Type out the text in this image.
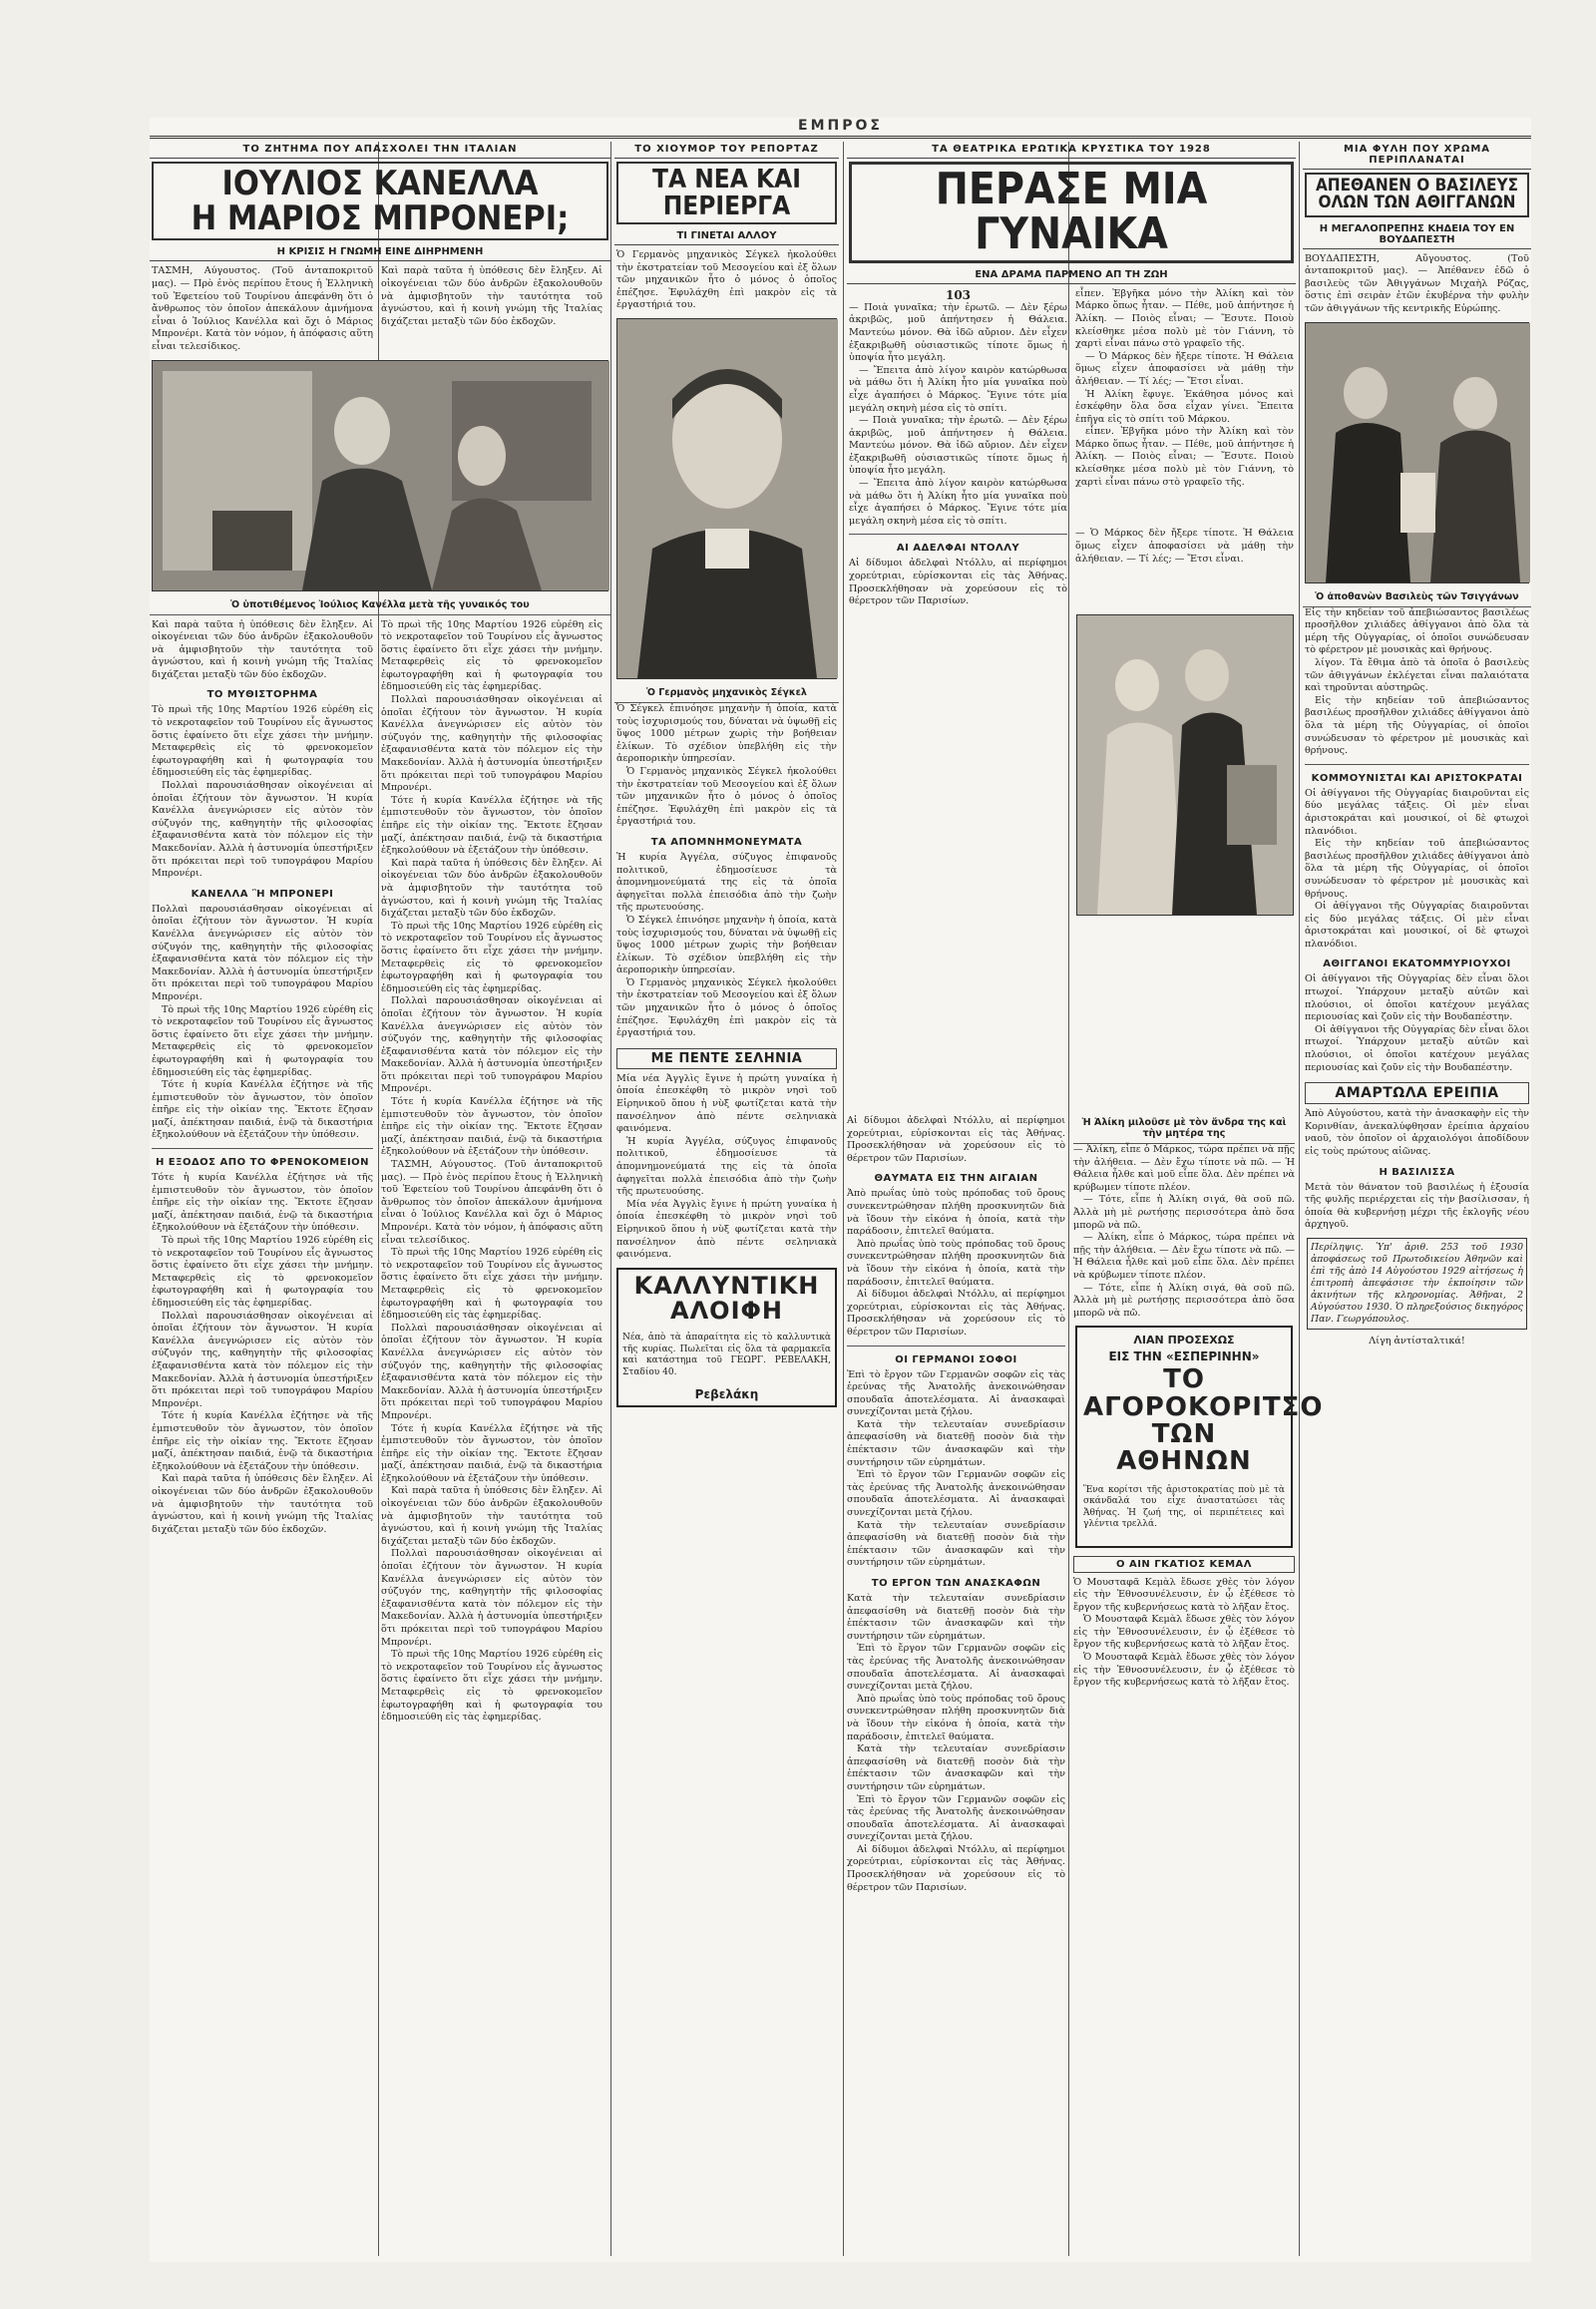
ΕΜΠΡΟΣ
ΤΟ ΖΗΤΗΜΑ ΠΟΥ ΑΠΑΣΧΟΛΕΙ ΤΗΝ ΙΤΑΛΙΑΝ
ΙΟΥΛΙΟΣ ΚΑΝΕΛΛΑ
Η ΜΑΡΙΟΣ ΜΠΡΟΝΕΡΙ;
Η ΚΡΙΣΙΣ Η ΓΝΩΜΗ ΕΙΝΕ ΔΙΗΡΗΜΕΝΗ

ΤΑΣΜΗ, Αύγουστος. (Τοῦ ἀνταποκριτοῦ μας). — Πρὸ ἑνὸς περίπου ἔτους ἡ Ἑλληνικὴ τοῦ Ἐφετείου τοῦ Τουρίνου ἀπεφάνθη ὅτι ὁ ἄνθρωπος τὸν ὁποῖον ἀπεκάλουν ἀμνήμονα εἶναι ὁ Ἰούλιος Κανέλλα καὶ ὄχι ὁ Μάριος Μπρονέρι. Κατὰ τὸν νόμον, ἡ ἀπόφασις αὕτη εἶναι τελεσίδικος.

Καὶ παρὰ ταῦτα ἡ ὑπόθεσις δὲν ἔληξεν. Αἱ οἰκογένειαι τῶν δύο ἀνδρῶν ἐξακολουθοῦν νὰ ἀμφισβητοῦν τὴν ταυτότητα τοῦ ἀγνώστου, καὶ ἡ κοινὴ γνώμη τῆς Ἰταλίας διχάζεται μεταξὺ τῶν δύο ἐκδοχῶν.

Ὁ ὑποτιθέμενος Ἰούλιος Κανέλλα μετὰ τῆς γυναικός του

Καὶ παρὰ ταῦτα ἡ ὑπόθεσις δὲν ἔληξεν. Αἱ οἰκογένειαι τῶν δύο ἀνδρῶν ἐξακολουθοῦν νὰ ἀμφισβητοῦν τὴν ταυτότητα τοῦ ἀγνώστου, καὶ ἡ κοινὴ γνώμη τῆς Ἰταλίας διχάζεται μεταξὺ τῶν δύο ἐκδοχῶν.

ΤΟ ΜΥΘΙΣΤΟΡΗΜΑ

Τὸ πρωὶ τῆς 10ης Μαρτίου 1926 εὑρέθη εἰς τὸ νεκροταφεῖον τοῦ Τουρίνου εἷς ἄγνωστος ὅστις ἐφαίνετο ὅτι εἶχε χάσει τὴν μνήμην. Μεταφερθεὶς εἰς τὸ φρενοκομεῖον ἐφωτογραφήθη καὶ ἡ φωτογραφία του ἐδημοσιεύθη εἰς τὰς ἐφημερίδας.

Πολλαὶ παρουσιάσθησαν οἰκογένειαι αἱ ὁποῖαι ἐζήτουν τὸν ἄγνωστον. Ἡ κυρία Κανέλλα ἀνεγνώρισεν εἰς αὐτὸν τὸν σύζυγόν της, καθηγητὴν τῆς φιλοσοφίας ἐξαφανισθέντα κατὰ τὸν πόλεμον εἰς τὴν Μακεδονίαν. Ἀλλὰ ἡ ἀστυνομία ὑπεστήριξεν ὅτι πρόκειται περὶ τοῦ τυπογράφου Μαρίου Μπρονέρι.

ΚΑΝΕΛΛΑ Ἢ ΜΠΡΟΝΕΡΙ

Πολλαὶ παρουσιάσθησαν οἰκογένειαι αἱ ὁποῖαι ἐζήτουν τὸν ἄγνωστον. Ἡ κυρία Κανέλλα ἀνεγνώρισεν εἰς αὐτὸν τὸν σύζυγόν της, καθηγητὴν τῆς φιλοσοφίας ἐξαφανισθέντα κατὰ τὸν πόλεμον εἰς τὴν Μακεδονίαν. Ἀλλὰ ἡ ἀστυνομία ὑπεστήριξεν ὅτι πρόκειται περὶ τοῦ τυπογράφου Μαρίου Μπρονέρι.

Τὸ πρωὶ τῆς 10ης Μαρτίου 1926 εὑρέθη εἰς τὸ νεκροταφεῖον τοῦ Τουρίνου εἷς ἄγνωστος ὅστις ἐφαίνετο ὅτι εἶχε χάσει τὴν μνήμην. Μεταφερθεὶς εἰς τὸ φρενοκομεῖον ἐφωτογραφήθη καὶ ἡ φωτογραφία του ἐδημοσιεύθη εἰς τὰς ἐφημερίδας.

Τότε ἡ κυρία Κανέλλα ἐζήτησε νὰ τῆς ἐμπιστευθοῦν τὸν ἄγνωστον, τὸν ὁποῖον ἐπῆρε εἰς τὴν οἰκίαν της. Ἔκτοτε ἔζησαν μαζί, ἀπέκτησαν παιδιά, ἐνῷ τὰ δικαστήρια ἐξηκολούθουν νὰ ἐξετάζουν τὴν ὑπόθεσιν.

Η ΕΞΟΔΟΣ ΑΠΟ ΤΟ ΦΡΕΝΟΚΟΜΕΙΟΝ

Τότε ἡ κυρία Κανέλλα ἐζήτησε νὰ τῆς ἐμπιστευθοῦν τὸν ἄγνωστον, τὸν ὁποῖον ἐπῆρε εἰς τὴν οἰκίαν της. Ἔκτοτε ἔζησαν μαζί, ἀπέκτησαν παιδιά, ἐνῷ τὰ δικαστήρια ἐξηκολούθουν νὰ ἐξετάζουν τὴν ὑπόθεσιν.

Τὸ πρωὶ τῆς 10ης Μαρτίου 1926 εὑρέθη εἰς τὸ νεκροταφεῖον τοῦ Τουρίνου εἷς ἄγνωστος ὅστις ἐφαίνετο ὅτι εἶχε χάσει τὴν μνήμην. Μεταφερθεὶς εἰς τὸ φρενοκομεῖον ἐφωτογραφήθη καὶ ἡ φωτογραφία του ἐδημοσιεύθη εἰς τὰς ἐφημερίδας.

Πολλαὶ παρουσιάσθησαν οἰκογένειαι αἱ ὁποῖαι ἐζήτουν τὸν ἄγνωστον. Ἡ κυρία Κανέλλα ἀνεγνώρισεν εἰς αὐτὸν τὸν σύζυγόν της, καθηγητὴν τῆς φιλοσοφίας ἐξαφανισθέντα κατὰ τὸν πόλεμον εἰς τὴν Μακεδονίαν. Ἀλλὰ ἡ ἀστυνομία ὑπεστήριξεν ὅτι πρόκειται περὶ τοῦ τυπογράφου Μαρίου Μπρονέρι.

Τότε ἡ κυρία Κανέλλα ἐζήτησε νὰ τῆς ἐμπιστευθοῦν τὸν ἄγνωστον, τὸν ὁποῖον ἐπῆρε εἰς τὴν οἰκίαν της. Ἔκτοτε ἔζησαν μαζί, ἀπέκτησαν παιδιά, ἐνῷ τὰ δικαστήρια ἐξηκολούθουν νὰ ἐξετάζουν τὴν ὑπόθεσιν.

Καὶ παρὰ ταῦτα ἡ ὑπόθεσις δὲν ἔληξεν. Αἱ οἰκογένειαι τῶν δύο ἀνδρῶν ἐξακολουθοῦν νὰ ἀμφισβητοῦν τὴν ταυτότητα τοῦ ἀγνώστου, καὶ ἡ κοινὴ γνώμη τῆς Ἰταλίας διχάζεται μεταξὺ τῶν δύο ἐκδοχῶν.

Τὸ πρωὶ τῆς 10ης Μαρτίου 1926 εὑρέθη εἰς τὸ νεκροταφεῖον τοῦ Τουρίνου εἷς ἄγνωστος ὅστις ἐφαίνετο ὅτι εἶχε χάσει τὴν μνήμην. Μεταφερθεὶς εἰς τὸ φρενοκομεῖον ἐφωτογραφήθη καὶ ἡ φωτογραφία του ἐδημοσιεύθη εἰς τὰς ἐφημερίδας.

Πολλαὶ παρουσιάσθησαν οἰκογένειαι αἱ ὁποῖαι ἐζήτουν τὸν ἄγνωστον. Ἡ κυρία Κανέλλα ἀνεγνώρισεν εἰς αὐτὸν τὸν σύζυγόν της, καθηγητὴν τῆς φιλοσοφίας ἐξαφανισθέντα κατὰ τὸν πόλεμον εἰς τὴν Μακεδονίαν. Ἀλλὰ ἡ ἀστυνομία ὑπεστήριξεν ὅτι πρόκειται περὶ τοῦ τυπογράφου Μαρίου Μπρονέρι.

Τότε ἡ κυρία Κανέλλα ἐζήτησε νὰ τῆς ἐμπιστευθοῦν τὸν ἄγνωστον, τὸν ὁποῖον ἐπῆρε εἰς τὴν οἰκίαν της. Ἔκτοτε ἔζησαν μαζί, ἀπέκτησαν παιδιά, ἐνῷ τὰ δικαστήρια ἐξηκολούθουν νὰ ἐξετάζουν τὴν ὑπόθεσιν.

Καὶ παρὰ ταῦτα ἡ ὑπόθεσις δὲν ἔληξεν. Αἱ οἰκογένειαι τῶν δύο ἀνδρῶν ἐξακολουθοῦν νὰ ἀμφισβητοῦν τὴν ταυτότητα τοῦ ἀγνώστου, καὶ ἡ κοινὴ γνώμη τῆς Ἰταλίας διχάζεται μεταξὺ τῶν δύο ἐκδοχῶν.

Τὸ πρωὶ τῆς 10ης Μαρτίου 1926 εὑρέθη εἰς τὸ νεκροταφεῖον τοῦ Τουρίνου εἷς ἄγνωστος ὅστις ἐφαίνετο ὅτι εἶχε χάσει τὴν μνήμην. Μεταφερθεὶς εἰς τὸ φρενοκομεῖον ἐφωτογραφήθη καὶ ἡ φωτογραφία του ἐδημοσιεύθη εἰς τὰς ἐφημερίδας.

Πολλαὶ παρουσιάσθησαν οἰκογένειαι αἱ ὁποῖαι ἐζήτουν τὸν ἄγνωστον. Ἡ κυρία Κανέλλα ἀνεγνώρισεν εἰς αὐτὸν τὸν σύζυγόν της, καθηγητὴν τῆς φιλοσοφίας ἐξαφανισθέντα κατὰ τὸν πόλεμον εἰς τὴν Μακεδονίαν. Ἀλλὰ ἡ ἀστυνομία ὑπεστήριξεν ὅτι πρόκειται περὶ τοῦ τυπογράφου Μαρίου Μπρονέρι.

Τότε ἡ κυρία Κανέλλα ἐζήτησε νὰ τῆς ἐμπιστευθοῦν τὸν ἄγνωστον, τὸν ὁποῖον ἐπῆρε εἰς τὴν οἰκίαν της. Ἔκτοτε ἔζησαν μαζί, ἀπέκτησαν παιδιά, ἐνῷ τὰ δικαστήρια ἐξηκολούθουν νὰ ἐξετάζουν τὴν ὑπόθεσιν.

ΤΑΣΜΗ, Αύγουστος. (Τοῦ ἀνταποκριτοῦ μας). — Πρὸ ἑνὸς περίπου ἔτους ἡ Ἑλληνικὴ τοῦ Ἐφετείου τοῦ Τουρίνου ἀπεφάνθη ὅτι ὁ ἄνθρωπος τὸν ὁποῖον ἀπεκάλουν ἀμνήμονα εἶναι ὁ Ἰούλιος Κανέλλα καὶ ὄχι ὁ Μάριος Μπρονέρι. Κατὰ τὸν νόμον, ἡ ἀπόφασις αὕτη εἶναι τελεσίδικος.

Τὸ πρωὶ τῆς 10ης Μαρτίου 1926 εὑρέθη εἰς τὸ νεκροταφεῖον τοῦ Τουρίνου εἷς ἄγνωστος ὅστις ἐφαίνετο ὅτι εἶχε χάσει τὴν μνήμην. Μεταφερθεὶς εἰς τὸ φρενοκομεῖον ἐφωτογραφήθη καὶ ἡ φωτογραφία του ἐδημοσιεύθη εἰς τὰς ἐφημερίδας.

Πολλαὶ παρουσιάσθησαν οἰκογένειαι αἱ ὁποῖαι ἐζήτουν τὸν ἄγνωστον. Ἡ κυρία Κανέλλα ἀνεγνώρισεν εἰς αὐτὸν τὸν σύζυγόν της, καθηγητὴν τῆς φιλοσοφίας ἐξαφανισθέντα κατὰ τὸν πόλεμον εἰς τὴν Μακεδονίαν. Ἀλλὰ ἡ ἀστυνομία ὑπεστήριξεν ὅτι πρόκειται περὶ τοῦ τυπογράφου Μαρίου Μπρονέρι.

Τότε ἡ κυρία Κανέλλα ἐζήτησε νὰ τῆς ἐμπιστευθοῦν τὸν ἄγνωστον, τὸν ὁποῖον ἐπῆρε εἰς τὴν οἰκίαν της. Ἔκτοτε ἔζησαν μαζί, ἀπέκτησαν παιδιά, ἐνῷ τὰ δικαστήρια ἐξηκολούθουν νὰ ἐξετάζουν τὴν ὑπόθεσιν.

Καὶ παρὰ ταῦτα ἡ ὑπόθεσις δὲν ἔληξεν. Αἱ οἰκογένειαι τῶν δύο ἀνδρῶν ἐξακολουθοῦν νὰ ἀμφισβητοῦν τὴν ταυτότητα τοῦ ἀγνώστου, καὶ ἡ κοινὴ γνώμη τῆς Ἰταλίας διχάζεται μεταξὺ τῶν δύο ἐκδοχῶν.

Πολλαὶ παρουσιάσθησαν οἰκογένειαι αἱ ὁποῖαι ἐζήτουν τὸν ἄγνωστον. Ἡ κυρία Κανέλλα ἀνεγνώρισεν εἰς αὐτὸν τὸν σύζυγόν της, καθηγητὴν τῆς φιλοσοφίας ἐξαφανισθέντα κατὰ τὸν πόλεμον εἰς τὴν Μακεδονίαν. Ἀλλὰ ἡ ἀστυνομία ὑπεστήριξεν ὅτι πρόκειται περὶ τοῦ τυπογράφου Μαρίου Μπρονέρι.

Τὸ πρωὶ τῆς 10ης Μαρτίου 1926 εὑρέθη εἰς τὸ νεκροταφεῖον τοῦ Τουρίνου εἷς ἄγνωστος ὅστις ἐφαίνετο ὅτι εἶχε χάσει τὴν μνήμην. Μεταφερθεὶς εἰς τὸ φρενοκομεῖον ἐφωτογραφήθη καὶ ἡ φωτογραφία του ἐδημοσιεύθη εἰς τὰς ἐφημερίδας.

ΤΟ ΧΙΟΥΜΟΡ ΤΟΥ ΡΕΠΟΡΤΑΖ
ΤΑ ΝΕΑ ΚΑΙ ΠΕΡΙΕΡΓΑ
ΤΙ ΓΙΝΕΤΑΙ ΑΛΛΟΥ

Ὁ Γερμανὸς μηχανικὸς Σέγκελ ἠκολούθει τὴν ἐκστρατείαν τοῦ Μεσογείου καὶ ἐξ ὅλων τῶν μηχανικῶν ἦτο ὁ μόνος ὁ ὁποῖος ἐπέζησε. Ἐφυλάχθη ἐπὶ μακρὸν εἰς τὰ ἐργαστήριά του.

Ὁ Γερμανὸς μηχανικὸς Σέγκελ

Ὁ Σέγκελ ἐπινόησε μηχανὴν ἡ ὁποία, κατὰ τοὺς ἰσχυρισμούς του, δύναται νὰ ὑψωθῇ εἰς ὕψος 1000 μέτρων χωρὶς τὴν βοήθειαν ἑλίκων. Τὸ σχέδιον ὑπεβλήθη εἰς τὴν ἀεροπορικὴν ὑπηρεσίαν.

Ὁ Γερμανὸς μηχανικὸς Σέγκελ ἠκολούθει τὴν ἐκστρατείαν τοῦ Μεσογείου καὶ ἐξ ὅλων τῶν μηχανικῶν ἦτο ὁ μόνος ὁ ὁποῖος ἐπέζησε. Ἐφυλάχθη ἐπὶ μακρὸν εἰς τὰ ἐργαστήριά του.

ΤΑ ΑΠΟΜΝΗΜΟΝΕΥΜΑΤΑ

Ἡ κυρία Ἀγγέλα, σύζυγος ἐπιφανοῦς πολιτικοῦ, ἐδημοσίευσε τὰ ἀπομνημονεύματά της εἰς τὰ ὁποῖα ἀφηγεῖται πολλὰ ἐπεισόδια ἀπὸ τὴν ζωὴν τῆς πρωτευούσης.

Ὁ Σέγκελ ἐπινόησε μηχανὴν ἡ ὁποία, κατὰ τοὺς ἰσχυρισμούς του, δύναται νὰ ὑψωθῇ εἰς ὕψος 1000 μέτρων χωρὶς τὴν βοήθειαν ἑλίκων. Τὸ σχέδιον ὑπεβλήθη εἰς τὴν ἀεροπορικὴν ὑπηρεσίαν.

Ὁ Γερμανὸς μηχανικὸς Σέγκελ ἠκολούθει τὴν ἐκστρατείαν τοῦ Μεσογείου καὶ ἐξ ὅλων τῶν μηχανικῶν ἦτο ὁ μόνος ὁ ὁποῖος ἐπέζησε. Ἐφυλάχθη ἐπὶ μακρὸν εἰς τὰ ἐργαστήριά του.

ΜΕ ΠΕΝΤΕ ΣΕΛΗΝΙΑ

Μία νέα Ἀγγλὶς ἔγινε ἡ πρώτη γυναίκα ἡ ὁποία ἐπεσκέφθη τὸ μικρὸν νησὶ τοῦ Εἰρηνικοῦ ὅπου ἡ νὺξ φωτίζεται κατὰ τὴν πανσέληνον ἀπὸ πέντε σεληνιακὰ φαινόμενα.

Ἡ κυρία Ἀγγέλα, σύζυγος ἐπιφανοῦς πολιτικοῦ, ἐδημοσίευσε τὰ ἀπομνημονεύματά της εἰς τὰ ὁποῖα ἀφηγεῖται πολλὰ ἐπεισόδια ἀπὸ τὴν ζωὴν τῆς πρωτευούσης.

Μία νέα Ἀγγλὶς ἔγινε ἡ πρώτη γυναίκα ἡ ὁποία ἐπεσκέφθη τὸ μικρὸν νησὶ τοῦ Εἰρηνικοῦ ὅπου ἡ νὺξ φωτίζεται κατὰ τὴν πανσέληνον ἀπὸ πέντε σεληνιακὰ φαινόμενα.

ΚΑΛΛΥΝΤΙΚΗ ΑΛΟΙΦΗ

Νέα, ἀπὸ τὰ ἀπαραίτητα εἰς τὸ καλλυντικὰ τῆς κυρίας. Πωλεῖται εἰς ὅλα τὰ φαρμακεῖα καὶ κατάστημα τοῦ ΓΕΩΡΓ. ΡΕΒΕΛΑΚΗ, Σταδίου 40.

Ρεβελάκη
ΤΑ ΘΕΑΤΡΙΚΑ ΕΡΩΤΙΚΑ ΚΡΥΣΤΙΚΑ ΤΟΥ 1928
ΠΕΡΑΣΕ ΜΙΑ ΓΥΝΑΙΚΑ
ΕΝΑ ΔΡΑΜΑ ΠΑΡΜΕΝΟ ΑΠ ΤΗ ΖΩΗ
103

— Ποιὰ γυναῖκα; τὴν ἐρωτῶ. — Δὲν ξέρω ἀκριβῶς, μοῦ ἀπήντησεν ἡ Θάλεια. Μαντεύω μόνον. Θὰ ἰδῶ αὔριον. Δὲν εἶχεν ἐξακριβωθῆ οὐσιαστικῶς τίποτε ὅμως ἡ ὑποψία ἦτο μεγάλη.

— Ἔπειτα ἀπὸ λίγον καιρὸν κατώρθωσα νὰ μάθω ὅτι ἡ Ἀλίκη ἦτο μία γυναῖκα ποὺ εἶχε ἀγαπήσει ὁ Μάρκος. Ἔγινε τότε μία μεγάλη σκηνὴ μέσα εἰς τὸ σπίτι.

— Ποιὰ γυναῖκα; τὴν ἐρωτῶ. — Δὲν ξέρω ἀκριβῶς, μοῦ ἀπήντησεν ἡ Θάλεια. Μαντεύω μόνον. Θὰ ἰδῶ αὔριον. Δὲν εἶχεν ἐξακριβωθῆ οὐσιαστικῶς τίποτε ὅμως ἡ ὑποψία ἦτο μεγάλη.

— Ἔπειτα ἀπὸ λίγον καιρὸν κατώρθωσα νὰ μάθω ὅτι ἡ Ἀλίκη ἦτο μία γυναῖκα ποὺ εἶχε ἀγαπήσει ὁ Μάρκος. Ἔγινε τότε μία μεγάλη σκηνὴ μέσα εἰς τὸ σπίτι.

εἶπεν. Ἐβγῆκα μόνο τὴν Ἀλίκη καὶ τὸν Μάρκο ὅπως ἦταν. — Πέθε, μοῦ ἀπήντησε ἡ Ἀλίκη. — Ποιὸς εἶναι; — Ἔσυτε. Ποιοὺ κλείσθηκε μέσα πολὺ μὲ τὸν Γιάννη, τὸ χαρτὶ εἶναι πάνω στὸ γραφεῖο τῆς.

— Ὁ Μάρκος δὲν ἤξερε τίποτε. Ἡ Θάλεια ὅμως εἶχεν ἀποφασίσει νὰ μάθῃ τὴν ἀλήθειαν. — Τί λές; — Ἔτσι εἶναι.

Ἡ Ἀλίκη ἔφυγε. Ἐκάθησα μόνος καὶ ἐσκέφθην ὅλα ὅσα εἶχαν γίνει. Ἔπειτα ἐπῆγα εἰς τὸ σπίτι τοῦ Μάρκου.

εἶπεν. Ἐβγῆκα μόνο τὴν Ἀλίκη καὶ τὸν Μάρκο ὅπως ἦταν. — Πέθε, μοῦ ἀπήντησε ἡ Ἀλίκη. — Ποιὸς εἶναι; — Ἔσυτε. Ποιοὺ κλείσθηκε μέσα πολὺ μὲ τὸν Γιάννη, τὸ χαρτὶ εἶναι πάνω στὸ γραφεῖο τῆς.

ΑΙ ΑΔΕΛΦΑΙ ΝΤΟΛΛΥ

Αἱ δίδυμοι ἀδελφαὶ Ντόλλυ, αἱ περίφημοι χορεύτριαι, εὑρίσκονται εἰς τὰς Ἀθήνας. Προσεκλήθησαν νὰ χορεύσουν εἰς τὸ θέρετρον τῶν Παρισίων.

— Ὁ Μάρκος δὲν ἤξερε τίποτε. Ἡ Θάλεια ὅμως εἶχεν ἀποφασίσει νὰ μάθῃ τὴν ἀλήθειαν. — Τί λές; — Ἔτσι εἶναι.

Αἱ δίδυμοι ἀδελφαὶ Ντόλλυ, αἱ περίφημοι χορεύτριαι, εὑρίσκονται εἰς τὰς Ἀθήνας. Προσεκλήθησαν νὰ χορεύσουν εἰς τὸ θέρετρον τῶν Παρισίων.

ΘΑΥΜΑΤΑ ΕΙΣ ΤΗΝ ΑΙΓΑΙΑΝ

Ἀπὸ πρωΐας ὑπὸ τοὺς πρόποδας τοῦ ὄρους συνεκεντρώθησαν πλήθη προσκυνητῶν διὰ νὰ ἴδουν τὴν εἰκόνα ἡ ὁποία, κατὰ τὴν παράδοσιν, ἐπιτελεῖ θαύματα.

Ἀπὸ πρωΐας ὑπὸ τοὺς πρόποδας τοῦ ὄρους συνεκεντρώθησαν πλήθη προσκυνητῶν διὰ νὰ ἴδουν τὴν εἰκόνα ἡ ὁποία, κατὰ τὴν παράδοσιν, ἐπιτελεῖ θαύματα.

Αἱ δίδυμοι ἀδελφαὶ Ντόλλυ, αἱ περίφημοι χορεύτριαι, εὑρίσκονται εἰς τὰς Ἀθήνας. Προσεκλήθησαν νὰ χορεύσουν εἰς τὸ θέρετρον τῶν Παρισίων.

ΟΙ ΓΕΡΜΑΝΟΙ ΣΟΦΟΙ

Ἐπὶ τὸ ἔργον τῶν Γερμανῶν σοφῶν εἰς τὰς ἐρεύνας τῆς Ἀνατολῆς ἀνεκοινώθησαν σπουδαῖα ἀποτελέσματα. Αἱ ἀνασκαφαὶ συνεχίζονται μετὰ ζήλου.

Κατὰ τὴν τελευταίαν συνεδρίασιν ἀπεφασίσθη νὰ διατεθῇ ποσὸν διὰ τὴν ἐπέκτασιν τῶν ἀνασκαφῶν καὶ τὴν συντήρησιν τῶν εὑρημάτων.

Ἐπὶ τὸ ἔργον τῶν Γερμανῶν σοφῶν εἰς τὰς ἐρεύνας τῆς Ἀνατολῆς ἀνεκοινώθησαν σπουδαῖα ἀποτελέσματα. Αἱ ἀνασκαφαὶ συνεχίζονται μετὰ ζήλου.

Κατὰ τὴν τελευταίαν συνεδρίασιν ἀπεφασίσθη νὰ διατεθῇ ποσὸν διὰ τὴν ἐπέκτασιν τῶν ἀνασκαφῶν καὶ τὴν συντήρησιν τῶν εὑρημάτων.

ΤΟ ΕΡΓΟΝ ΤΩΝ ΑΝΑΣΚΑΦΩΝ

Κατὰ τὴν τελευταίαν συνεδρίασιν ἀπεφασίσθη νὰ διατεθῇ ποσὸν διὰ τὴν ἐπέκτασιν τῶν ἀνασκαφῶν καὶ τὴν συντήρησιν τῶν εὑρημάτων.

Ἐπὶ τὸ ἔργον τῶν Γερμανῶν σοφῶν εἰς τὰς ἐρεύνας τῆς Ἀνατολῆς ἀνεκοινώθησαν σπουδαῖα ἀποτελέσματα. Αἱ ἀνασκαφαὶ συνεχίζονται μετὰ ζήλου.

Ἀπὸ πρωΐας ὑπὸ τοὺς πρόποδας τοῦ ὄρους συνεκεντρώθησαν πλήθη προσκυνητῶν διὰ νὰ ἴδουν τὴν εἰκόνα ἡ ὁποία, κατὰ τὴν παράδοσιν, ἐπιτελεῖ θαύματα.

Κατὰ τὴν τελευταίαν συνεδρίασιν ἀπεφασίσθη νὰ διατεθῇ ποσὸν διὰ τὴν ἐπέκτασιν τῶν ἀνασκαφῶν καὶ τὴν συντήρησιν τῶν εὑρημάτων.

Ἐπὶ τὸ ἔργον τῶν Γερμανῶν σοφῶν εἰς τὰς ἐρεύνας τῆς Ἀνατολῆς ἀνεκοινώθησαν σπουδαῖα ἀποτελέσματα. Αἱ ἀνασκαφαὶ συνεχίζονται μετὰ ζήλου.

Αἱ δίδυμοι ἀδελφαὶ Ντόλλυ, αἱ περίφημοι χορεύτριαι, εὑρίσκονται εἰς τὰς Ἀθήνας. Προσεκλήθησαν νὰ χορεύσουν εἰς τὸ θέρετρον τῶν Παρισίων.

Ἡ Ἀλίκη μιλοῦσε μὲ τὸν ἄνδρα της καὶ τὴν μητέρα της

— Ἀλίκη, εἶπε ὁ Μάρκος, τώρα πρέπει νὰ πῇς τὴν ἀλήθεια. — Δὲν ἔχω τίποτε νὰ πῶ. — Ἡ Θάλεια ἦλθε καὶ μοῦ εἶπε ὅλα. Δὲν πρέπει νὰ κρύβωμεν τίποτε πλέον.

— Τότε, εἶπε ἡ Ἀλίκη σιγά, θὰ σοῦ πῶ. Ἀλλὰ μὴ μὲ ρωτήσῃς περισσότερα ἀπὸ ὅσα μπορῶ νὰ πῶ.

— Ἀλίκη, εἶπε ὁ Μάρκος, τώρα πρέπει νὰ πῇς τὴν ἀλήθεια. — Δὲν ἔχω τίποτε νὰ πῶ. — Ἡ Θάλεια ἦλθε καὶ μοῦ εἶπε ὅλα. Δὲν πρέπει νὰ κρύβωμεν τίποτε πλέον.

— Τότε, εἶπε ἡ Ἀλίκη σιγά, θὰ σοῦ πῶ. Ἀλλὰ μὴ μὲ ρωτήσῃς περισσότερα ἀπὸ ὅσα μπορῶ νὰ πῶ.

ΛΙΑΝ ΠΡΟΣΕΧΩΣ
ΕΙΣ ΤΗΝ «ΕΣΠΕΡΙΝΗΝ»
ΤΟ ΑΓΟΡΟΚΟΡΙΤΣΟ ΤΩΝ ΑΘΗΝΩΝ

Ἕνα κορίτσι τῆς ἀριστοκρατίας ποὺ μὲ τὰ σκάνδαλά του εἶχε ἀναστατώσει τὰς Ἀθήνας. Ἡ ζωή της, οἱ περιπέτειες καὶ γλέντια τρελλά.

Ο ΑΙΝ ΓΚΑΤΙΟΣ ΚΕΜΑΛ

Ὁ Μουσταφᾶ Κεμὰλ ἔδωσε χθὲς τὸν λόγον εἰς τὴν Ἐθνοσυνέλευσιν, ἐν ᾧ ἐξέθεσε τὸ ἔργον τῆς κυβερνήσεως κατὰ τὸ λῆξαν ἔτος.

Ὁ Μουσταφᾶ Κεμὰλ ἔδωσε χθὲς τὸν λόγον εἰς τὴν Ἐθνοσυνέλευσιν, ἐν ᾧ ἐξέθεσε τὸ ἔργον τῆς κυβερνήσεως κατὰ τὸ λῆξαν ἔτος.

Ὁ Μουσταφᾶ Κεμὰλ ἔδωσε χθὲς τὸν λόγον εἰς τὴν Ἐθνοσυνέλευσιν, ἐν ᾧ ἐξέθεσε τὸ ἔργον τῆς κυβερνήσεως κατὰ τὸ λῆξαν ἔτος.

ΜΙΑ ΦΥΛΗ ΠΟΥ ΧΡΩΜΑ ΠΕΡΙΠΛΑΝΑΤΑΙ
ΑΠΕΘΑΝΕΝ Ο ΒΑΣΙΛΕΥΣ
ΟΛΩΝ ΤΩΝ ΑΘΙΓΓΑΝΩΝ
Η ΜΕΓΑΛΟΠΡΕΠΗΣ ΚΗΔΕΙΑ ΤΟΥ ΕΝ ΒΟΥΔΑΠΕΣΤΗ

ΒΟΥΔΑΠΕΣΤΗ, Αὔγουστος. (Τοῦ ἀνταποκριτοῦ μας). — Ἀπέθανεν ἐδῶ ὁ βασιλεὺς τῶν Ἀθιγγάνων Μιχαὴλ Ρόζας, ὅστις ἐπὶ σειρὰν ἐτῶν ἐκυβέρνα τὴν φυλὴν τῶν ἀθιγγάνων τῆς κεντρικῆς Εὐρώπης.

Ὁ ἀποθανὼν Βασιλεὺς τῶν Τσιγγάνων

Εἰς τὴν κηδείαν τοῦ ἀπεβιώσαντος βασιλέως προσῆλθον χιλιάδες ἀθίγγανοι ἀπὸ ὅλα τὰ μέρη τῆς Οὐγγαρίας, οἱ ὁποῖοι συνώδευσαν τὸ φέρετρον μὲ μουσικὰς καὶ θρήνους.

λίγον. Τὰ ἔθιμα ἀπὸ τὰ ὁποῖα ὁ βασιλεὺς τῶν ἀθιγγάνων ἐκλέγεται εἶναι παλαιότατα καὶ τηροῦνται αὐστηρῶς.

Εἰς τὴν κηδείαν τοῦ ἀπεβιώσαντος βασιλέως προσῆλθον χιλιάδες ἀθίγγανοι ἀπὸ ὅλα τὰ μέρη τῆς Οὐγγαρίας, οἱ ὁποῖοι συνώδευσαν τὸ φέρετρον μὲ μουσικὰς καὶ θρήνους.

ΚΟΜΜΟΥΝΙΣΤΑΙ ΚΑΙ ΑΡΙΣΤΟΚΡΑΤΑΙ

Οἱ ἀθίγγανοι τῆς Οὐγγαρίας διαιροῦνται εἰς δύο μεγάλας τάξεις. Οἱ μὲν εἶναι ἀριστοκράται καὶ μουσικοί, οἱ δὲ φτωχοὶ πλανόδιοι.

Εἰς τὴν κηδείαν τοῦ ἀπεβιώσαντος βασιλέως προσῆλθον χιλιάδες ἀθίγγανοι ἀπὸ ὅλα τὰ μέρη τῆς Οὐγγαρίας, οἱ ὁποῖοι συνώδευσαν τὸ φέρετρον μὲ μουσικὰς καὶ θρήνους.

Οἱ ἀθίγγανοι τῆς Οὐγγαρίας διαιροῦνται εἰς δύο μεγάλας τάξεις. Οἱ μὲν εἶναι ἀριστοκράται καὶ μουσικοί, οἱ δὲ φτωχοὶ πλανόδιοι.

ΑΘΙΓΓΑΝΟΙ ΕΚΑΤΟΜΜΥΡΙΟΥΧΟΙ

Οἱ ἀθίγγανοι τῆς Οὐγγαρίας δὲν εἶναι ὅλοι πτωχοί. Ὑπάρχουν μεταξὺ αὐτῶν καὶ πλούσιοι, οἱ ὁποῖοι κατέχουν μεγάλας περιουσίας καὶ ζοῦν εἰς τὴν Βουδαπέστην.

Οἱ ἀθίγγανοι τῆς Οὐγγαρίας δὲν εἶναι ὅλοι πτωχοί. Ὑπάρχουν μεταξὺ αὐτῶν καὶ πλούσιοι, οἱ ὁποῖοι κατέχουν μεγάλας περιουσίας καὶ ζοῦν εἰς τὴν Βουδαπέστην.

ΑΜΑΡΤΩΛΑ ΕΡΕΙΠΙΑ

Ἀπὸ Αὐγούστου, κατὰ τὴν ἀνασκαφὴν εἰς τὴν Κορινθίαν, ἀνεκαλύφθησαν ἐρείπια ἀρχαίου ναοῦ, τὸν ὁποῖον οἱ ἀρχαιολόγοι ἀποδίδουν εἰς τοὺς πρώτους αἰῶνας.

Η ΒΑΣΙΛΙΣΣΑ

Μετὰ τὸν θάνατον τοῦ βασιλέως ἡ ἐξουσία τῆς φυλῆς περιέρχεται εἰς τὴν βασίλισσαν, ἡ ὁποία θὰ κυβερνήσῃ μέχρι τῆς ἐκλογῆς νέου ἀρχηγοῦ.

Περίληψις. Ὑπ' ἀριθ. 253 τοῦ 1930 ἀποφάσεως τοῦ Πρωτοδικείου Ἀθηνῶν καὶ ἐπὶ τῆς ἀπὸ 14 Αὐγούστου 1929 αἰτήσεως ἡ ἐπιτροπὴ ἀπεφάσισε τὴν ἐκποίησιν τῶν ἀκινήτων τῆς κληρονομίας. Ἀθῆναι, 2 Αὐγούστου 1930. Ὁ πληρεξούσιος δικηγόρος Παν. Γεωργόπουλος.

Λίγη ἀντίσταλτικά!
